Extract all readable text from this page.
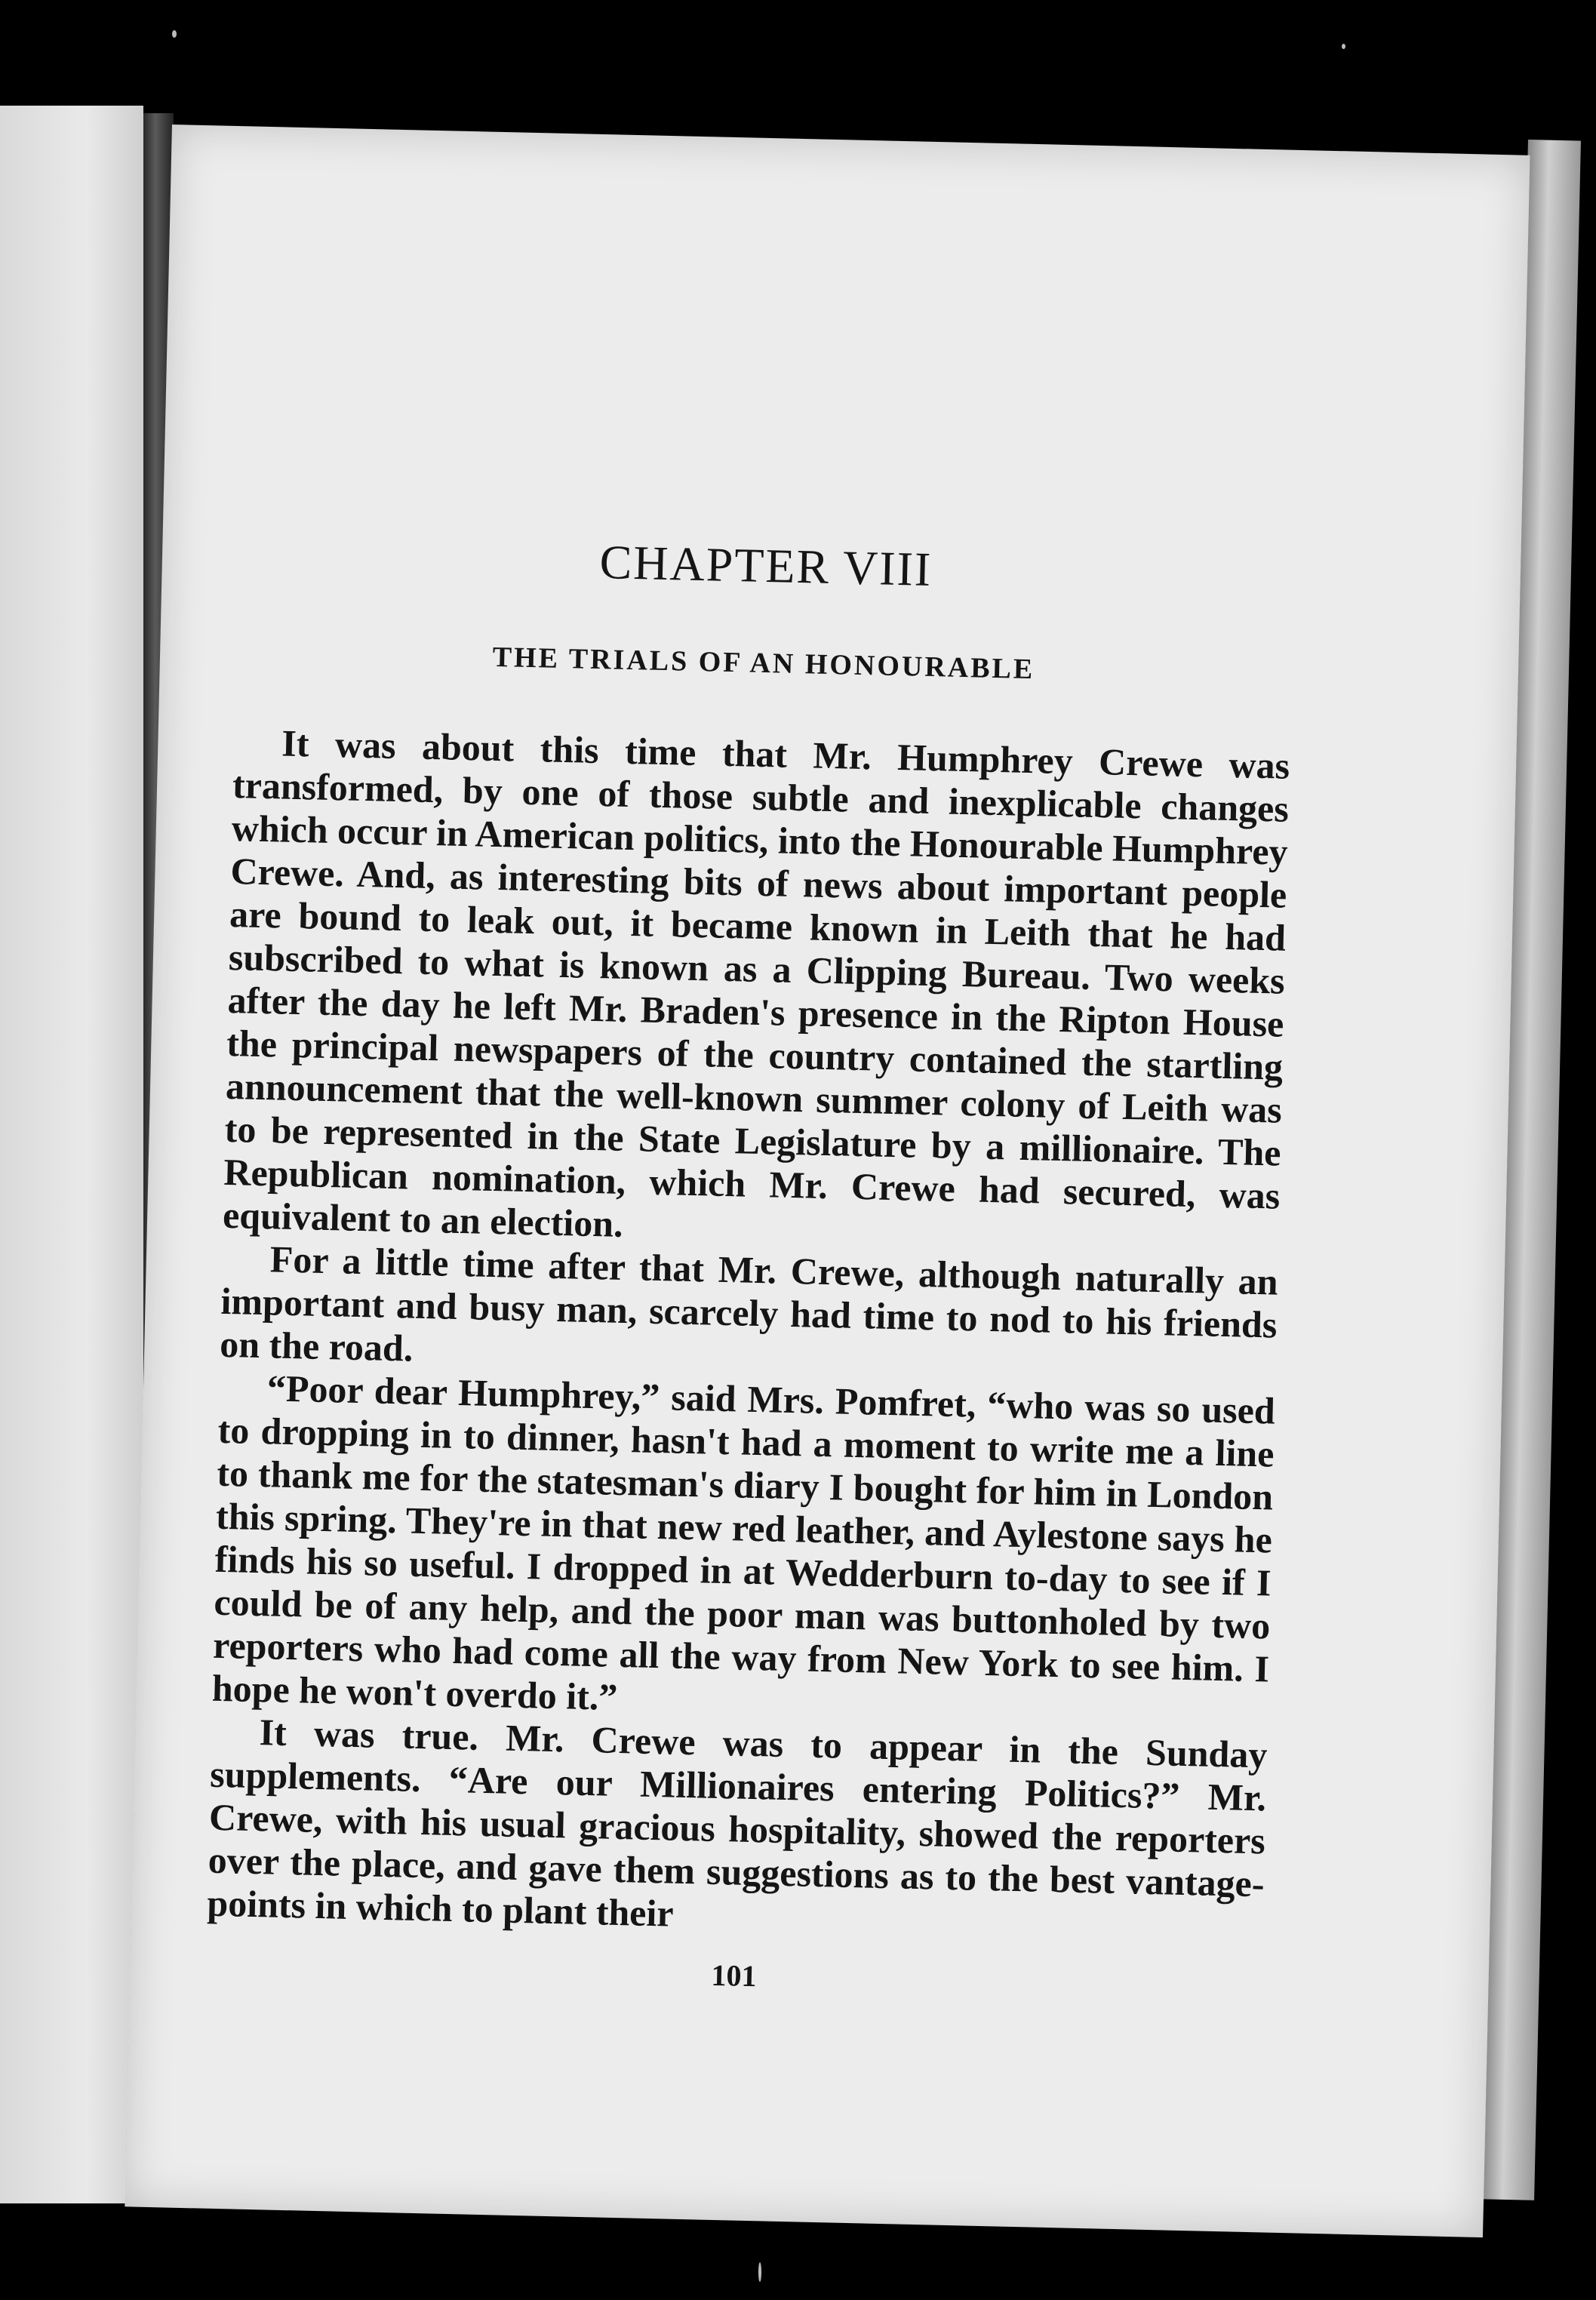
CHAPTER VIII
THE TRIALS OF AN HONOURABLE

It was about this time that Mr. Humphrey Crewe was transformed, by one of those subtle and inexplicable changes which occur in American politics, into the Honourable Humphrey Crewe. And, as interesting bits of news about important people are bound to leak out, it became known in Leith that he had subscribed to what is known as a Clipping Bureau. Two weeks after the day he left Mr. Braden's presence in the Ripton House the principal newspapers of the country contained the startling announcement that the well-known summer colony of Leith was to be represented in the State Legislature by a millionaire. The Republican nomination, which Mr. Crewe had secured, was equivalent to an election.

For a little time after that Mr. Crewe, although naturally an important and busy man, scarcely had time to nod to his friends on the road.

“Poor dear Humphrey,” said Mrs. Pomfret, “who was so used to dropping in to dinner, hasn't had a moment to write me a line to thank me for the statesman's diary I bought for him in London this spring. They're in that new red leather, and Aylestone says he finds his so useful. I dropped in at Wedderburn to-day to see if I could be of any help, and the poor man was buttonholed by two reporters who had come all the way from New York to see him. I hope he won't overdo it.”

It was true. Mr. Crewe was to appear in the Sunday supplements. “Are our Millionaires entering Politics?” Mr. Crewe, with his usual gracious hospitality, showed the reporters over the place, and gave them suggestions as to the best vantage-points in which to plant their

101
